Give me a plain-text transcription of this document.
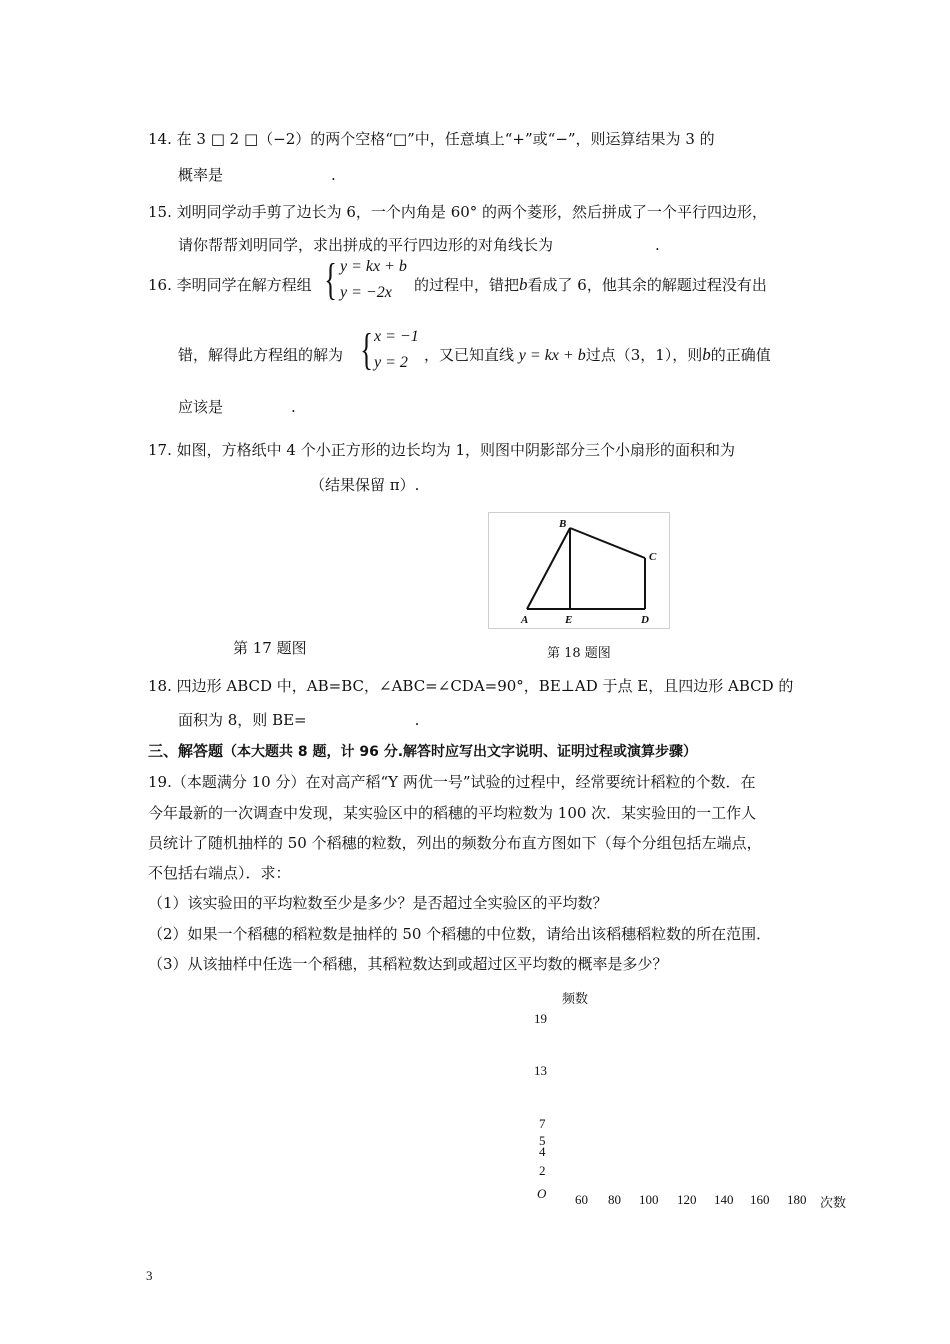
14. 在 3 □ 2 □（−2）的两个空格“□”中，任意填上“+”或“−”，则运算结果为 3 的
概率是	.
15. 刘明同学动手剪了边长为 6，一个内角是 60° 的两个菱形，然后拼成了一个平行四边形，
请你帮帮刘明同学，求出拼成的平行四边形的对角线长为	.
16. 李明同学在解方程组 { y = kx + b
y = −2x 的过程中，错把b看成了 6，他其余的解题过程没有出
错，解得此方程组的解为 { x = −1
y = 2 ，又已知直线 y = kx + b过点（3，1），则b的正确值
应该是	.
17. 如图，方格纸中 4 个小正方形的边长均为 1，则图中阴影部分三个小扇形的面积和为
（结果保留 π）.
A
B
C
D
E
第 17 题图	第 18 题图
18. 四边形 ABCD 中，AB=BC，∠ABC=∠CDA=90°，BE⊥AD 于点 E，且四边形 ABCD 的
面积为 8，则 BE=	.
三、解答题（本大题共 8 题，计 96 分.解答时应写出文字说明、证明过程或演算步骤）
19.（本题满分 10 分）在对高产稻“Y 两优一号”试验的过程中，经常要统计稻粒的个数．在
今年最新的一次调查中发现，某实验区中的稻穗的平均粒数为 100 次．某实验田的一工作人
员统计了随机抽样的 50 个稻穗的粒数，列出的频数分布直方图如下（每个分组包括左端点，
不包括右端点）．求：
（1）该实验田的平均粒数至少是多少？是否超过全实验区的平均数？
（2）如果一个稻穗的稻粒数是抽样的 50 个稻穗的中位数，请给出该稻穗稻粒数的所在范围．
（3）从该抽样中任选一个稻穗，其稻粒数达到或超过区平均数的概率是多少？
频数
19
13
7
5
4
2
O 60 80 100 120 140 160 180 次数
3
